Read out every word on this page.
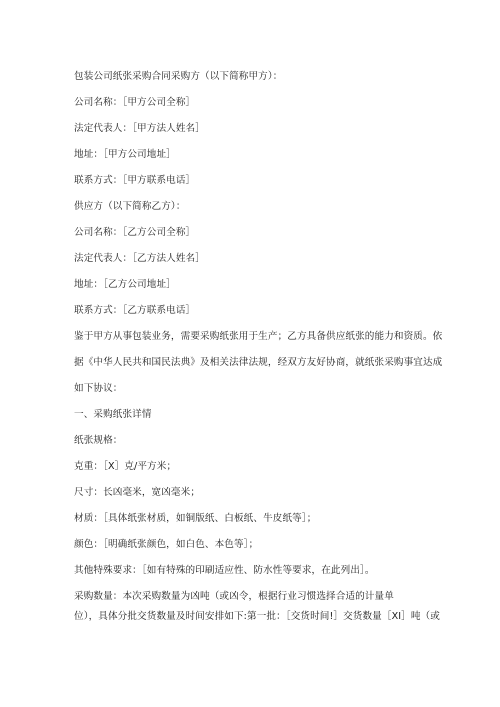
包装公司纸张采购合同采购方（以下简称甲方）：
公司名称：［甲方公司全称］
法定代表人：［甲方法人姓名］
地址：［甲方公司地址］
联系方式：［甲方联系电话］
供应方（以下简称乙方）：
公司名称：［乙方公司全称］
法定代表人：［乙方法人姓名］
地址：［乙方公司地址］
联系方式：［乙方联系电话］
鉴于甲方从事包装业务，需要采购纸张用于生产；乙方具备供应纸张的能力和资质。依
据《中华人民共和国民法典》及相关法律法规，经双方友好协商，就纸张采购事宜达成
如下协议：
一、采购纸张详情
纸张规格：
克重：［X］克/平方米；
尺寸：长凶毫米，宽凶毫米；
材质：［具体纸张材质，如铜版纸、白板纸、牛皮纸等］；
颜色：［明确纸张颜色，如白色、本色等］；
其他特殊要求：［如有特殊的印刷适应性、防水性等要求，在此列出］。
采购数量：本次采购数量为凶吨（或凶令，根据行业习惯选择合适的计量单
位），具体分批交货数量及时间安排如下:第一批：［交货时间!］交货数量［XI］吨（或
